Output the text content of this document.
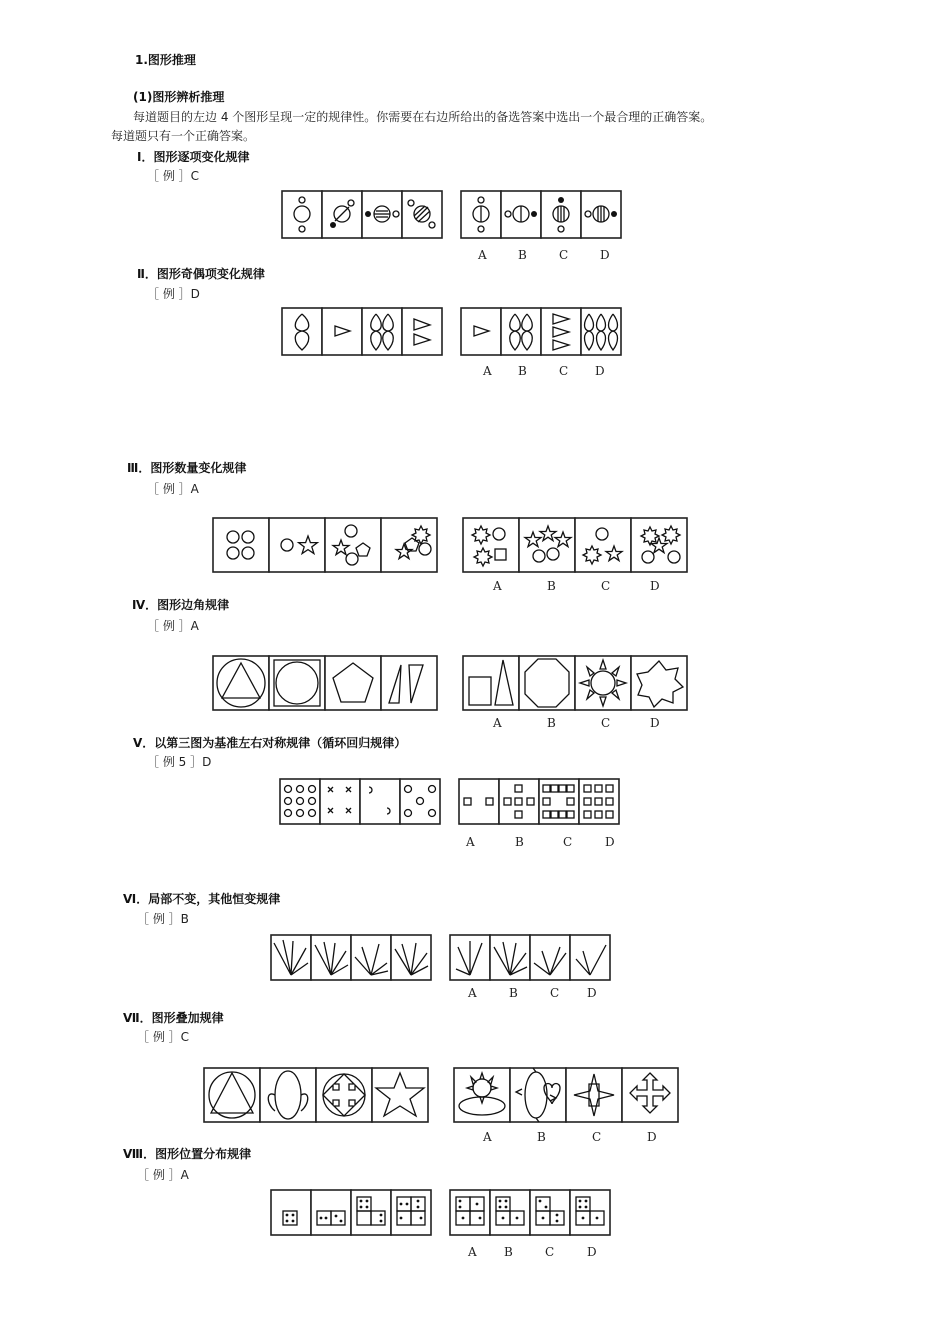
1.图形推理
(1)图形辨析推理
每道题目的左边 4 个图形呈现一定的规律性。你需要在右边所给出的备选答案中选出一个最合理的正确答案。
每道题只有一个正确答案。
Ⅰ．图形逐项变化规律
［ 例 ］C
A	B	C	D
Ⅱ．图形奇偶项变化规律
［ 例 ］D
A B	C D
Ⅲ．图形数量变化规律
［ 例 ］A
A	B	C	D
Ⅳ．图形边角规律
［ 例 ］A
A	B	C	D
Ⅴ．以第三图为基准左右对称规律（循环回归规律）
［ 例 5 ］D
A	B	C	D
Ⅵ．局部不变，其他恒变规律
［ 例 ］B
A	B	C D
Ⅶ．图形叠加规律
［ 例 ］C
A	B	C	D
Ⅷ．图形位置分布规律
［ 例 ］A
A B	C	D
